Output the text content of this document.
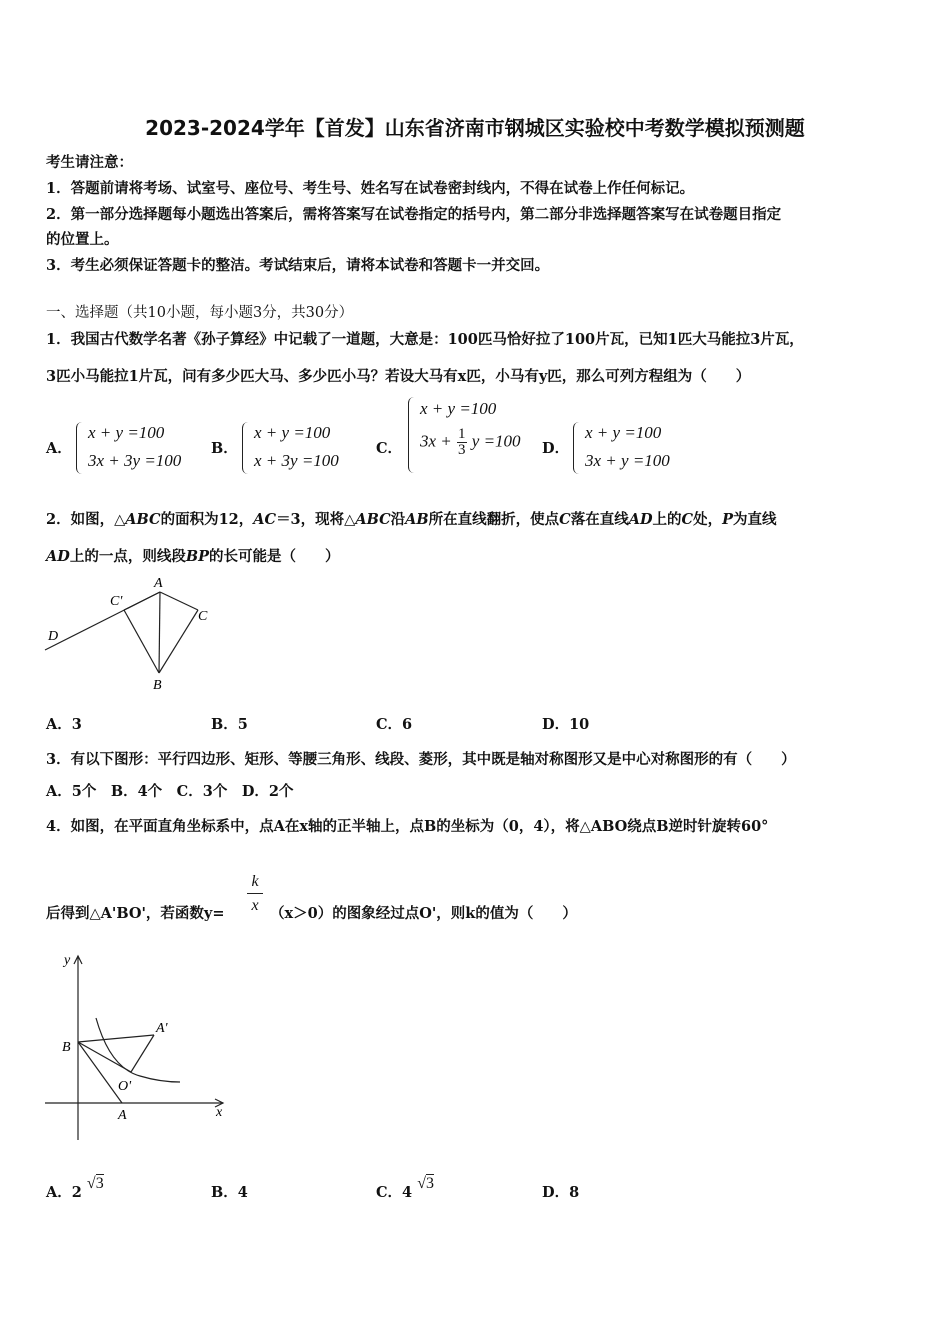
2023-2024学年【首发】山东省济南市钢城区实验校中考数学模拟预测题
考生请注意：
1．答题前请将考场、试室号、座位号、考生号、姓名写在试卷密封线内，不得在试卷上作任何标记。
2．第一部分选择题每小题选出答案后，需将答案写在试卷指定的括号内，第二部分非选择题答案写在试卷题目指定
的位置上。
3．考生必须保证答题卡的整洁。考试结束后，请将本试卷和答题卡一并交回。
一、选择题（共10小题，每小题3分，共30分）
1．我国古代数学名著《孙子算经》中记载了一道题，大意是：100匹马恰好拉了100片瓦，已知1匹大马能拉3片瓦，
3匹小马能拉1片瓦，问有多少匹大马、多少匹小马？若设大马有x匹，小马有y匹，那么可列方程组为（　　）
A．
x + y =100
3x + 3y =100
B．
x + y =100
x + 3y =100
C．
x + y =100
$3x + \frac{1}{3}$ y =100 D．
x + y =100
3x + y =100
2．如图，△ABC的面积为12，AC＝3，现将△ABC沿AB所在直线翻折，使点C落在直线AD上的C处，P为直线
AD上的一点，则线段BP的长可能是（　　）
A
C'
C
D
B
A．3	B．5	C．6	D．10
3．有以下图形：平行四边形、矩形、等腰三角形、线段、菱形，其中既是轴对称图形又是中心对称图形的有（　　）
A．5个　B．4个　C．3个　D．2个
4．如图，在平面直角坐标系中，点A在x轴的正半轴上，点B的坐标为（0，4），将△ABO绕点B逆时针旋转60°
后得到△A'BO'，若函数$y= \frac{k}{x} (x>0)$的图象经过点O'，则k的值为（　　）
y
x
B
A'
O'
A
A．2 √3
B．4	C．4 √3
D．8
